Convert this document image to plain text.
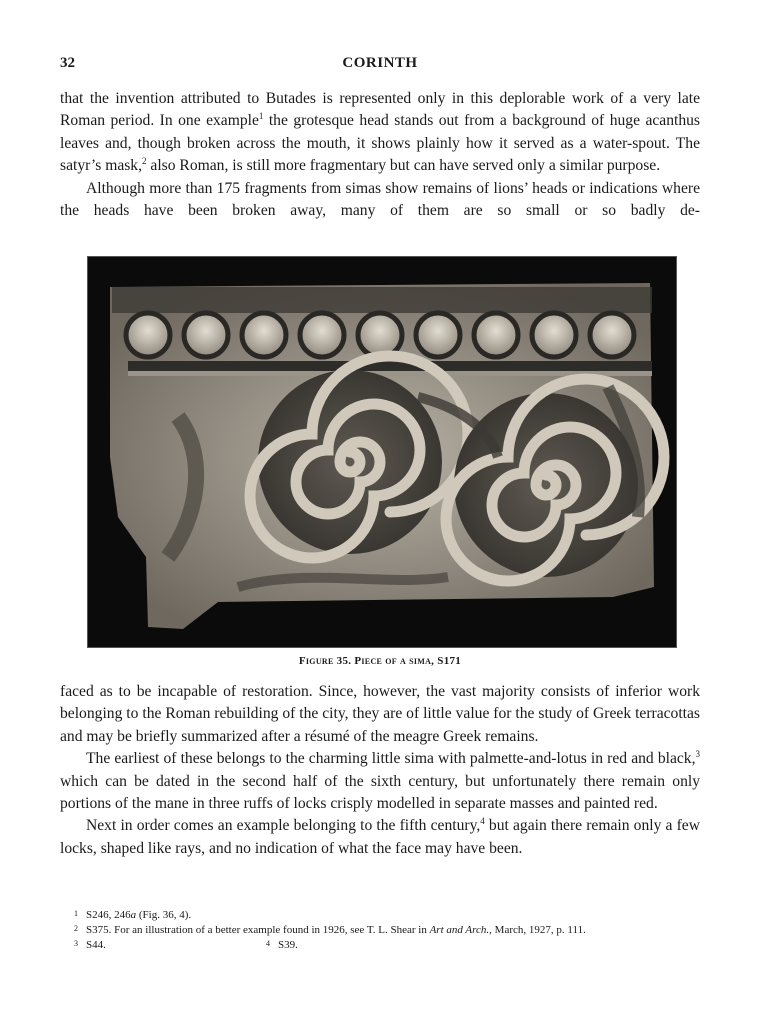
32	CORINTH

that the invention attributed to Butades is represented only in this deplorable work of a very late Roman period. In one example$^1$ the grotesque head stands out from a background of huge acanthus leaves and, though broken across the mouth, it shows plainly how it served as a water-spout. The satyr’s mask,$^2$ also Roman, is still more fragmentary but can have served only a similar purpose.

Although more than 175 fragments from simas show remains of lions’ heads or indications where the heads have been broken away, many of them are so small or so badly de-

Figure 35. Piece of a sima, S171

faced as to be incapable of restoration. Since, however, the vast majority consists of inferior work belonging to the Roman rebuilding of the city, they are of little value for the study of Greek terracottas and may be briefly summarized after a résumé of the meagre Greek remains.

The earliest of these belongs to the charming little sima with palmette-and-lotus in red and black,$^3$ which can be dated in the second half of the sixth century, but unfortunately there remain only portions of the mane in three ruffs of locks crisply modelled in separate masses and painted red.

Next in order comes an example belonging to the fifth century,$^4$ but again there remain only a few locks, shaped like rays, and no indication of what the face may have been.

1 S246, 246a (Fig. 36, 4).
2 S375. For an illustration of a better example found in 1926, see T. L. Shear in Art and Arch., March, 1927, p. 111.
3 S44.	4 S39.
